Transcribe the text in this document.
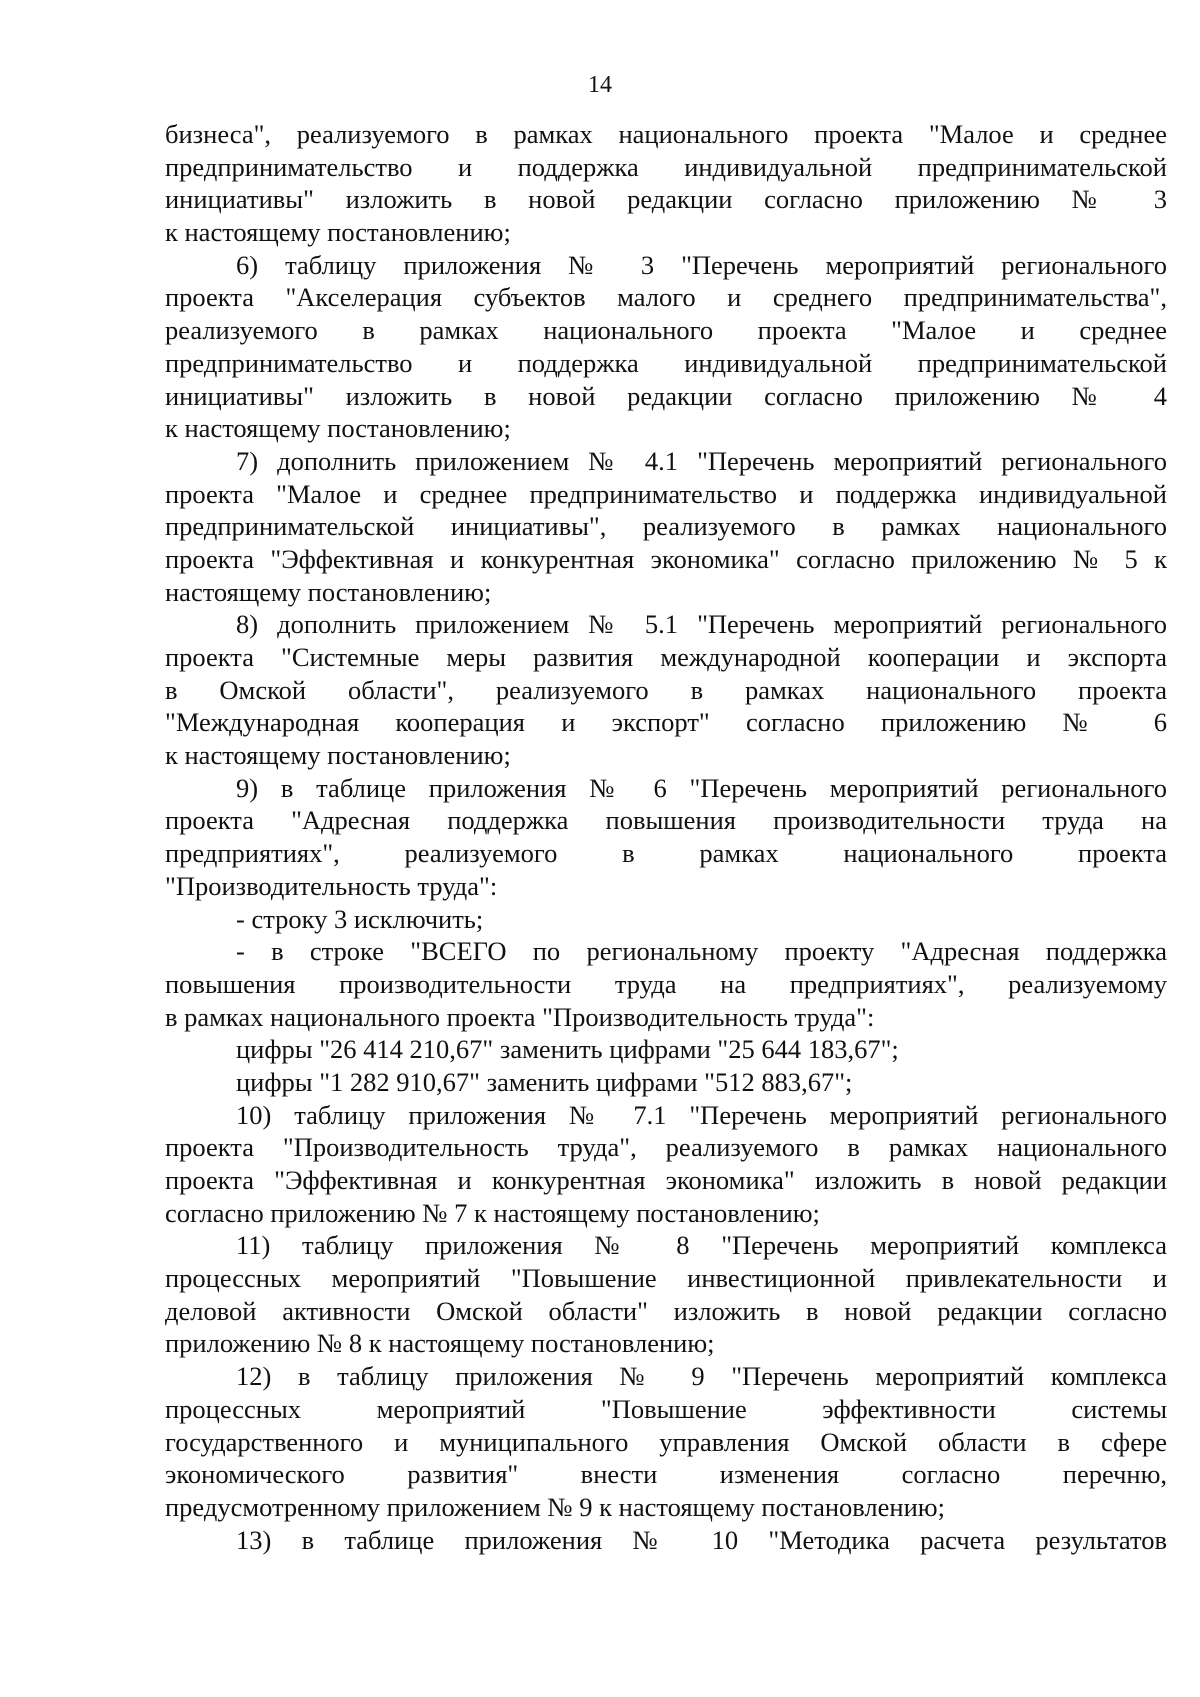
14
бизнеса", реализуемого в рамках национального проекта "Малое и среднее
предпринимательство и поддержка индивидуальной предпринимательской
инициативы" изложить в новой редакции согласно приложению № 3
к настоящему постановлению;
6) таблицу приложения № 3 "Перечень мероприятий регионального
проекта "Акселерация субъектов малого и среднего предпринимательства",
реализуемого в рамках национального проекта "Малое и среднее
предпринимательство и поддержка индивидуальной предпринимательской
инициативы" изложить в новой редакции согласно приложению № 4
к настоящему постановлению;
7) дополнить приложением № 4.1 "Перечень мероприятий регионального
проекта "Малое и среднее предпринимательство и поддержка индивидуальной
предпринимательской инициативы", реализуемого в рамках национального
проекта "Эффективная и конкурентная экономика" согласно приложению № 5 к
настоящему постановлению;
8) дополнить приложением № 5.1 "Перечень мероприятий регионального
проекта "Системные меры развития международной кооперации и экспорта
в Омской области", реализуемого в рамках национального проекта
"Международная кооперация и экспорт" согласно приложению № 6
к настоящему постановлению;
9) в таблице приложения № 6 "Перечень мероприятий регионального
проекта "Адресная поддержка повышения производительности труда на
предприятиях", реализуемого в рамках национального проекта
"Производительность труда":
- строку 3 исключить;
- в строке "ВСЕГО по региональному проекту "Адресная поддержка
повышения производительности труда на предприятиях", реализуемому
в рамках национального проекта "Производительность труда":
цифры "26 414 210,67" заменить цифрами "25 644 183,67";
цифры "1 282 910,67" заменить цифрами "512 883,67";
10) таблицу приложения № 7.1 "Перечень мероприятий регионального
проекта "Производительность труда", реализуемого в рамках национального
проекта "Эффективная и конкурентная экономика" изложить в новой редакции
согласно приложению № 7 к настоящему постановлению;
11) таблицу приложения № 8 "Перечень мероприятий комплекса
процессных мероприятий "Повышение инвестиционной привлекательности и
деловой активности Омской области" изложить в новой редакции согласно
приложению № 8 к настоящему постановлению;
12) в таблицу приложения № 9 "Перечень мероприятий комплекса
процессных мероприятий "Повышение эффективности системы
государственного и муниципального управления Омской области в сфере
экономического развития" внести изменения согласно перечню,
предусмотренному приложением № 9 к настоящему постановлению;
13) в таблице приложения № 10 "Методика расчета результатов
